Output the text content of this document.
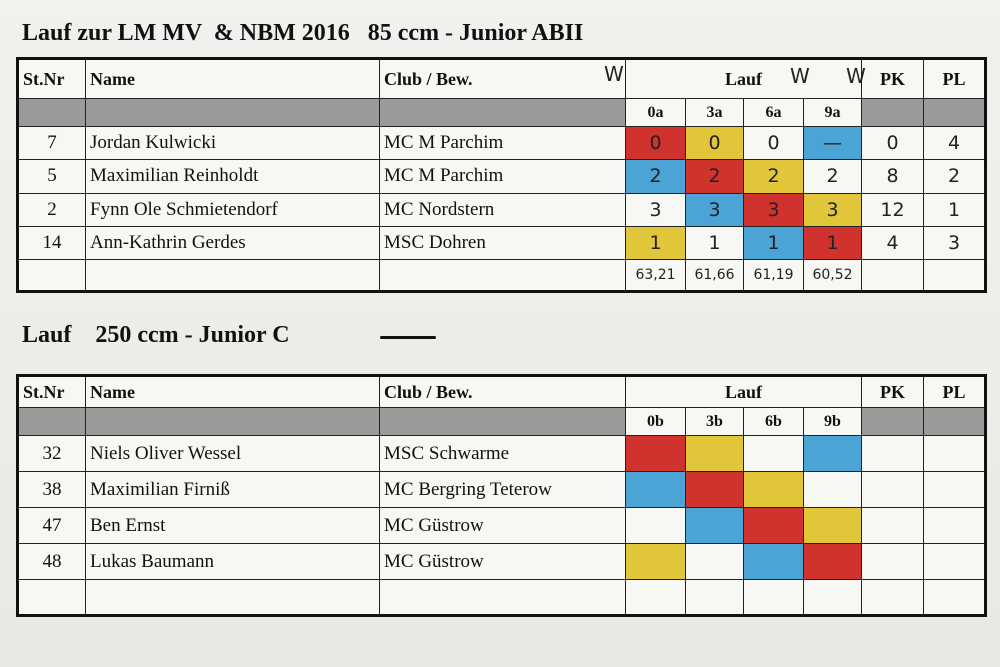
Lauf zur LM MV  & NBM 2016   85 ccm - Junior ABII
St.Nr	Name	Club / Bew.	Lauf				PK	PL
			0a	3a	6a	9a		
7	Jordan Kulwicki	MC M Parchim	0	0	0	—	0	4
5	Maximilian Reinholdt	MC M Parchim	2	2	2	2	8	2
2	Fynn Ole Schmietendorf	MC Nordstern	3	3	3	3	12	1
14	Ann-Kathrin Gerdes	MSC Dohren	1	1	1	1	4	3
			63,21	61,66	61,19	60,52		
W	W W
Lauf    250 ccm - Junior C
St.Nr	Name	Club / Bew.	Lauf				PK	PL
			0b	3b	6b	9b		
32	Niels Oliver Wessel	MSC Schwarme						
38	Maximilian Firniß	MC Bergring Teterow						
47	Ben Ernst	MC Güstrow						
48	Lukas Baumann	MC Güstrow						
